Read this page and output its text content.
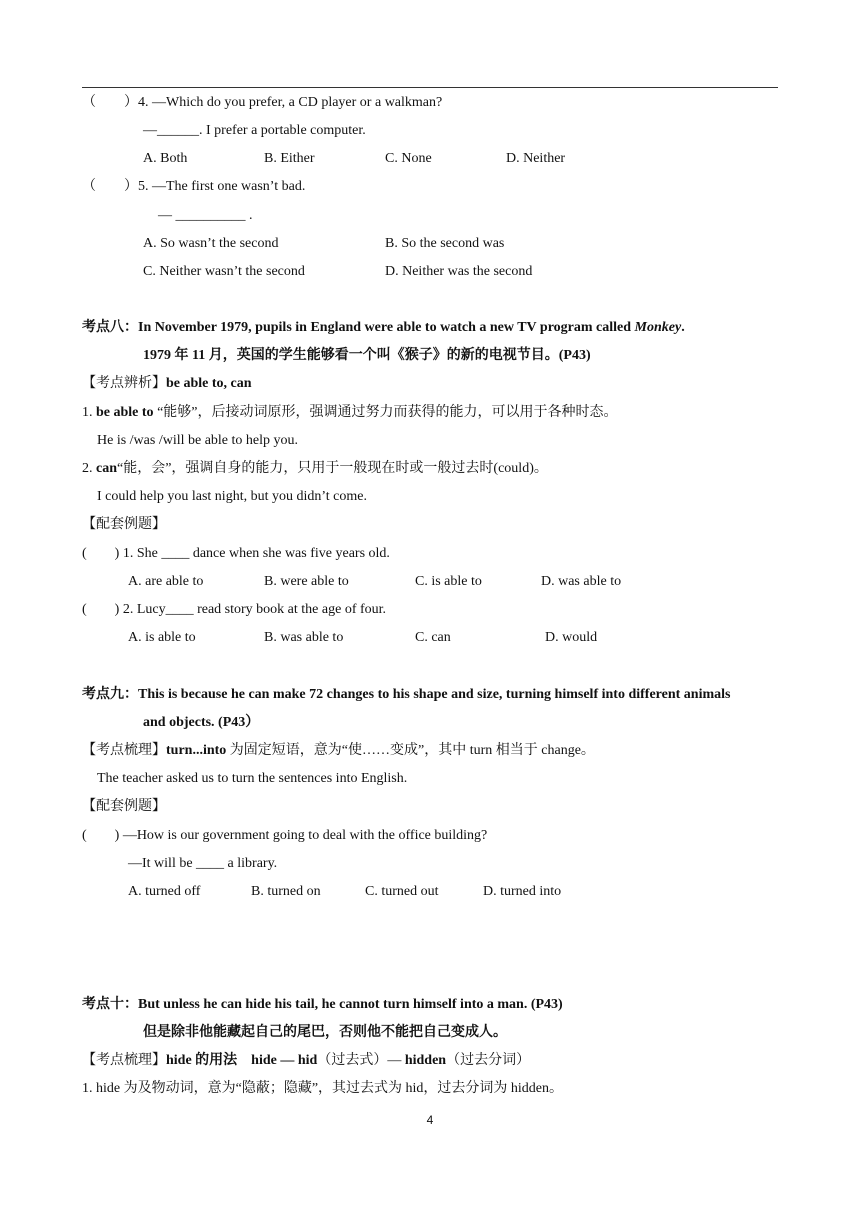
（　　）4. —Which do you prefer, a CD player or a walkman?
—______. I prefer a portable computer.
A. Both	B. Either	C. None	D. Neither
（　　）5. —The first one wasn’t bad.
— __________ .
A. So wasn’t the second	B. So the second was
C. Neither wasn’t the second	D. Neither was the second
考点八：In November 1979, pupils in England were able to watch a new TV program called Monkey.
1979 年 11 月，英国的学生能够看一个叫《猴子》的新的电视节目。(P43)
【考点辨析】be able to, can
1. be able to “能够”，后接动词原形，强调通过努力而获得的能力，可以用于各种时态。
He is /was /will be able to help you.
2. can“能，会”，强调自身的能力，只用于一般现在时或一般过去时(could)。
I could help you last night, but you didn’t come.
【配套例题】
(　　) 1. She ____ dance when she was five years old.
A. are able to	B. were able to	C. is able to	D. was able to
(　　) 2. Lucy____ read story book at the age of four.
A. is able to	B. was able to	C. can	D. would
考点九：This is because he can make 72 changes to his shape and size, turning himself into different animals
and objects. (P43）
【考点梳理】turn...into 为固定短语，意为“使……变成”，其中 turn 相当于 change。
The teacher asked us to turn the sentences into English.
【配套例题】
(　　) —How is our government going to deal with the office building?
—It will be ____ a library.
A. turned off	B. turned on	C. turned out	D. turned into
考点十：But unless he can hide his tail, he cannot turn himself into a man. (P43)
但是除非他能藏起自己的尾巴，否则他不能把自己变成人。
【考点梳理】hide 的用法　hide — hid（过去式）— hidden（过去分词）
1. hide 为及物动词，意为“隐蔽；隐藏”，其过去式为 hid，过去分词为 hidden。
4
